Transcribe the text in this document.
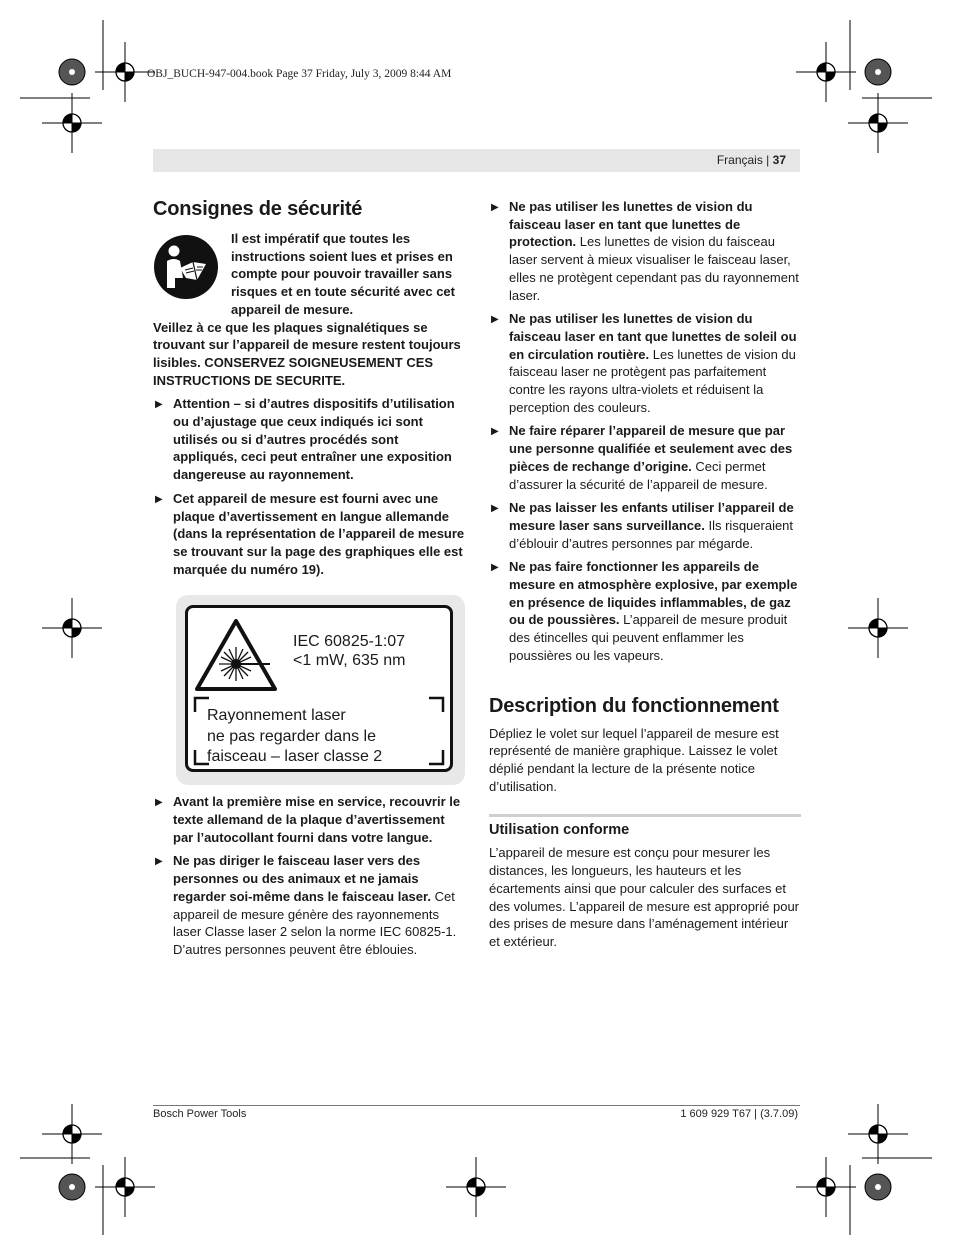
OBJ_BUCH-947-004.book Page 37 Friday, July 3, 2009 8:44 AM
Français | 37
Consignes de sécurité

Il est impératif que toutes les instructions soient lues et prises en compte pour pouvoir travailler sans risques et en toute sécurité avec cet appareil de mesure.

Veillez à ce que les plaques signalétiques se trouvant sur l’appareil de mesure restent toujours lisibles. CONSERVEZ SOIGNEUSEMENT CES INSTRUCTIONS DE SECURITE.

▶ Attention – si d’autres dispositifs d’utilisation ou d’ajustage que ceux indiqués ici sont utilisés ou si d’autres procédés sont appliqués, ceci peut entraîner une exposition dangereuse au rayonnement.
▶ Cet appareil de mesure est fourni avec une plaque d’avertissement en langue allemande (dans la représentation de l’appareil de mesure se trouvant sur la page des graphiques elle est marquée du numéro 19).
IEC 60825-1:07
<1 mW, 635 nm
Rayonnement laser
ne pas regarder dans le
faisceau – laser classe 2
▶ Avant la première mise en service, recouvrir le texte allemand de la plaque d’avertissement par l’autocollant fourni dans votre langue.
▶ Ne pas diriger le faisceau laser vers des personnes ou des animaux et ne jamais regarder soi-même dans le faisceau laser. Cet appareil de mesure génère des rayonnements laser Classe laser 2 selon la norme IEC 60825-1. D’autres personnes peuvent être éblouies.
▶ Ne pas utiliser les lunettes de vision du faisceau laser en tant que lunettes de protection. Les lunettes de vision du faisceau laser servent à mieux visualiser le faisceau laser, elles ne protègent cependant pas du rayonnement laser.
▶ Ne pas utiliser les lunettes de vision du faisceau laser en tant que lunettes de soleil ou en circulation routière. Les lunettes de vision du faisceau laser ne protègent pas parfaitement contre les rayons ultra-violets et réduisent la perception des couleurs.
▶ Ne faire réparer l’appareil de mesure que par une personne qualifiée et seulement avec des pièces de rechange d’origine. Ceci permet d’assurer la sécurité de l’appareil de mesure.
▶ Ne pas laisser les enfants utiliser l’appareil de mesure laser sans surveillance. Ils risqueraient d’éblouir d’autres personnes par mégarde.
▶ Ne pas faire fonctionner les appareils de mesure en atmosphère explosive, par exemple en présence de liquides inflammables, de gaz ou de poussières. L’appareil de mesure produit des étincelles qui peuvent enflammer les poussières ou les vapeurs.
Description du fonctionnement

Dépliez le volet sur lequel l’appareil de mesure est représenté de manière graphique. Laissez le volet déplié pendant la lecture de la présente notice d’utilisation.

Utilisation conforme

L’appareil de mesure est conçu pour mesurer les distances, les longueurs, les hauteurs et les écartements ainsi que pour calculer des surfaces et des volumes. L’appareil de mesure est approprié pour des prises de mesure dans l’aménagement intérieur et extérieur.

Bosch Power Tools	1 609 929 T67 | (3.7.09)
